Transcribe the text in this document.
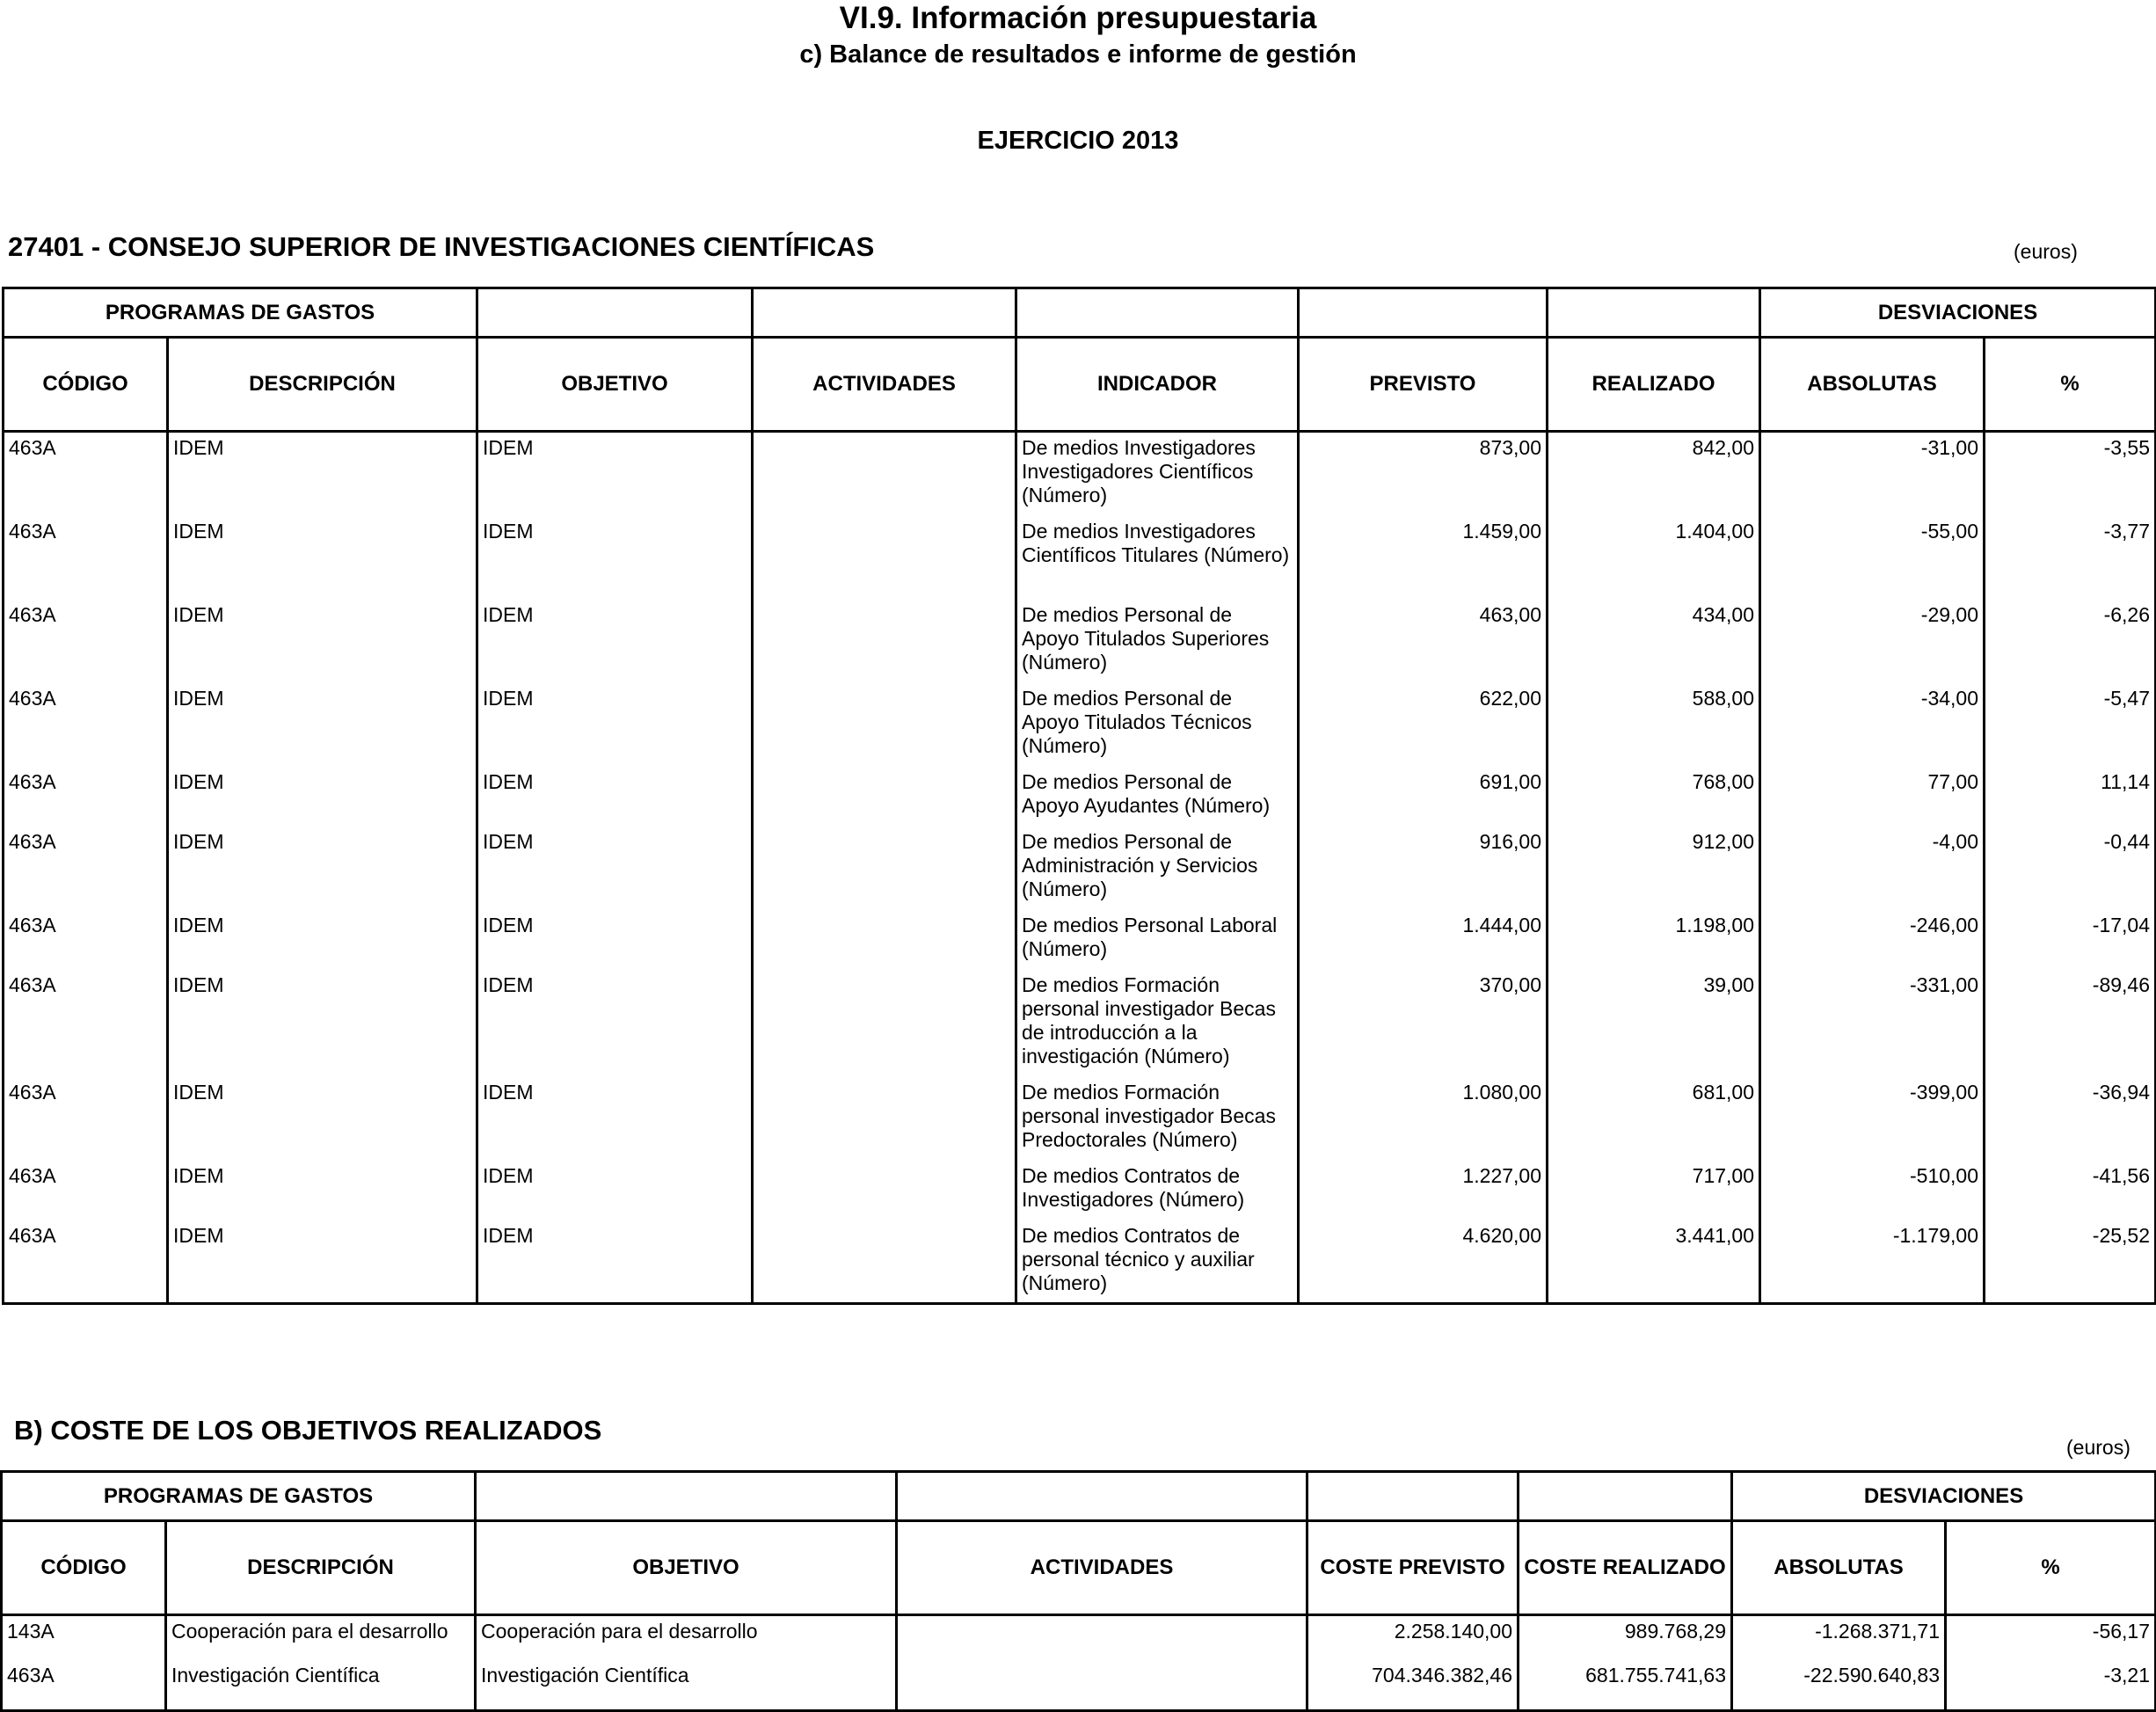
VI.9. Información presupuestaria
c) Balance de resultados e informe de gestión
EJERCICIO 2013
27401 - CONSEJO SUPERIOR DE INVESTIGACIONES CIENTÍFICAS	(euros)
PROGRAMAS DE GASTOS							DESVIACIONES	
CÓDIGO	DESCRIPCIÓN	OBJETIVO	ACTIVIDADES	INDICADOR	PREVISTO	REALIZADO	ABSOLUTAS	%

463A	IDEM	IDEM		De medios Investigadores Investigadores Científicos (Número)	873,00	842,00	-31,00	-3,55

463A	IDEM	IDEM		De medios Investigadores Científicos Titulares (Número)	1.459,00	1.404,00	-55,00	-3,77

463A	IDEM	IDEM		De medios Personal de Apoyo Titulados Superiores (Número)	463,00	434,00	-29,00	-6,26

463A	IDEM	IDEM		De medios Personal de Apoyo Titulados Técnicos (Número)	622,00	588,00	-34,00	-5,47

463A	IDEM	IDEM		De medios Personal de Apoyo Ayudantes (Número)	691,00	768,00	77,00	11,14

463A	IDEM	IDEM		De medios Personal de Administración y Servicios (Número)	916,00	912,00	-4,00	-0,44

463A	IDEM	IDEM		De medios Personal Laboral (Número)	1.444,00	1.198,00	-246,00	-17,04

463A	IDEM	IDEM		De medios Formación personal investigador Becas de introducción a la investigación (Número)	370,00	39,00	-331,00	-89,46

463A	IDEM	IDEM		De medios Formación personal investigador Becas Predoctorales (Número)	1.080,00	681,00	-399,00	-36,94

463A	IDEM	IDEM		De medios Contratos de Investigadores (Número)	1.227,00	717,00	-510,00	-41,56

463A	IDEM	IDEM		De medios Contratos de personal técnico y auxiliar (Número)	4.620,00	3.441,00	-1.179,00	-25,52
B) COSTE DE LOS OBJETIVOS REALIZADOS
(euros)
PROGRAMAS DE GASTOS						DESVIACIONES	
CÓDIGO	DESCRIPCIÓN	OBJETIVO	ACTIVIDADES	COSTE PREVISTO	COSTE REALIZADO	ABSOLUTAS	%

143A	Cooperación para el desarrollo	Cooperación para el desarrollo		2.258.140,00	989.768,29	-1.268.371,71	-56,17

463A	Investigación Científica	Investigación Científica		704.346.382,46	681.755.741,63	-22.590.640,83	-3,21
